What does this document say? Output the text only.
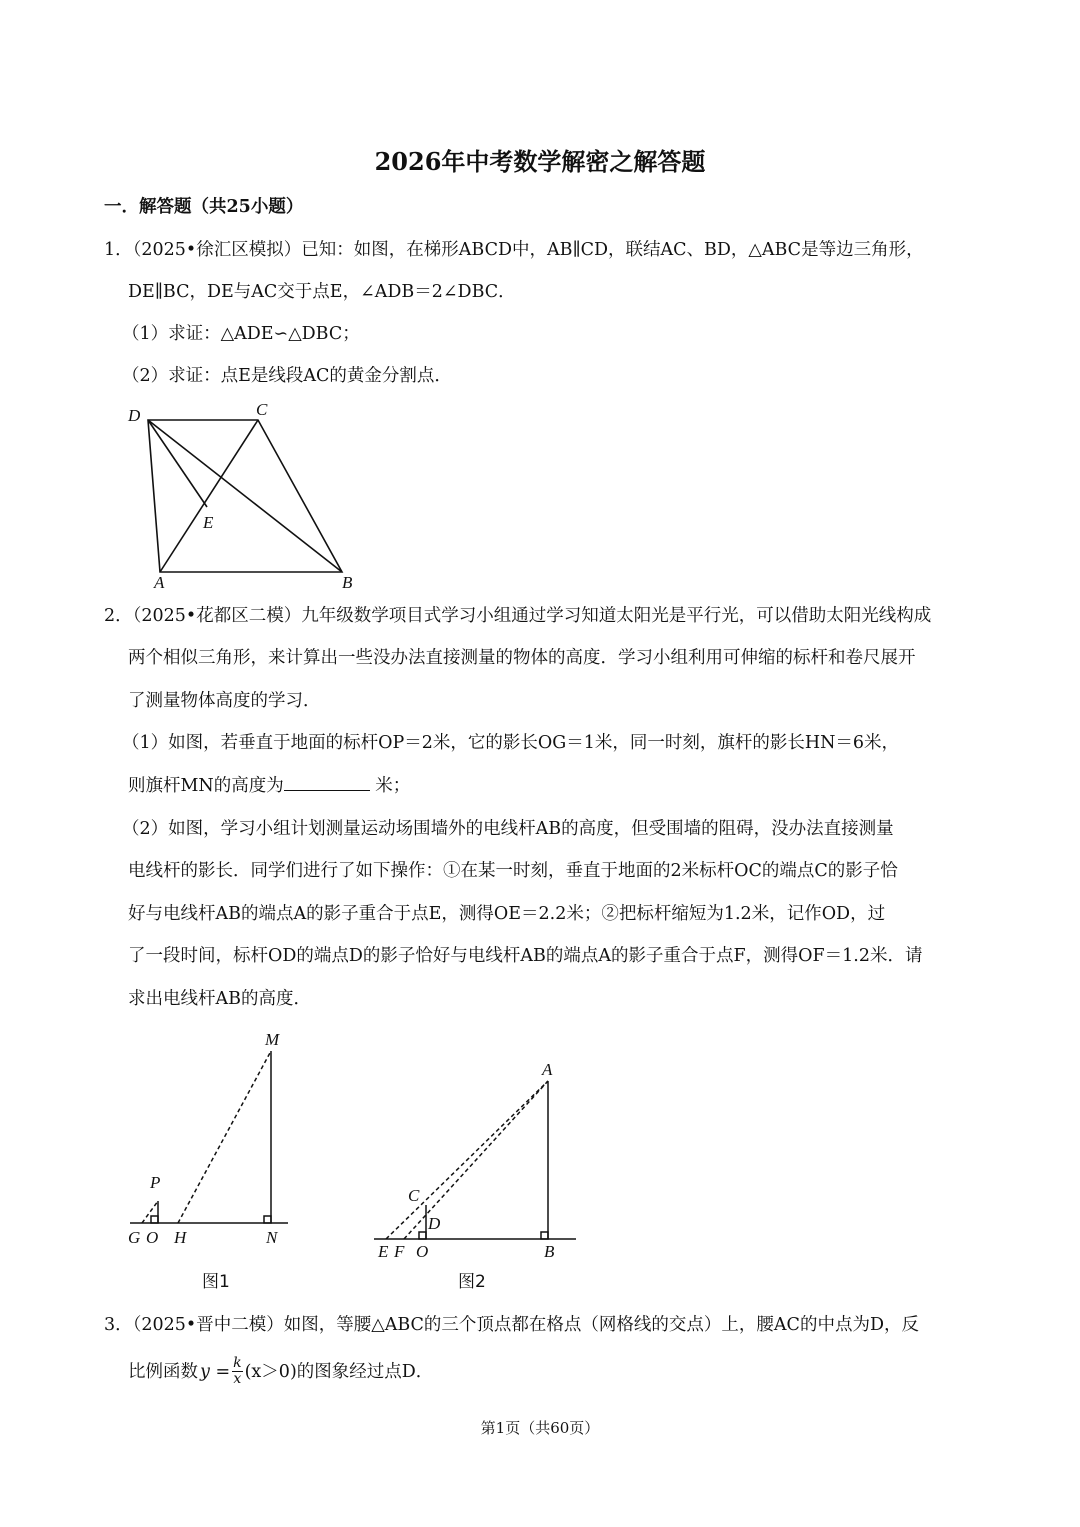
2026年中考数学解密之解答题
一．解答题（共25小题）
1．（2025•徐汇区模拟）已知：如图，在梯形ABCD中，AB∥CD，联结AC、BD，△ABC是等边三角形，
DE∥BC，DE与AC交于点E，∠ADB＝2∠DBC．
（1）求证：△ADE∽△DBC；
（2）求证：点E是线段AC的黄金分割点．
D	C
E
A	B
2．（2025•花都区二模）九年级数学项目式学习小组通过学习知道太阳光是平行光，可以借助太阳光线构成
两个相似三角形，来计算出一些没办法直接测量的物体的高度．学习小组利用可伸缩的标杆和卷尺展开
了测量物体高度的学习．
（1）如图，若垂直于地面的标杆OP＝2米，它的影长OG＝1米，同一时刻，旗杆的影长HN＝6米，
则旗杆MN的高度为	米；
（2）如图，学习小组计划测量运动场围墙外的电线杆AB的高度，但受围墙的阻碍，没办法直接测量
电线杆的影长．同学们进行了如下操作：①在某一时刻，垂直于地面的2米标杆OC的端点C的影子恰
好与电线杆AB的端点A的影子重合于点E，测得OE＝2.2米；②把标杆缩短为1.2米，记作OD，过
了一段时间，标杆OD的端点D的影子恰好与电线杆AB的端点A的影子重合于点F，测得OF＝1.2米．请
求出电线杆AB的高度．
M
P
G O H	N
图1
A
C
D
E F O	B
图2
3．（2025•晋中二模）如图，等腰△ABC的三个顶点都在格点（网格线的交点）上，腰AC的中点为D，反
比例函数 $y = \frac{k}{x} (x>0)$ 的图象经过点D．
第1页（共60页）
